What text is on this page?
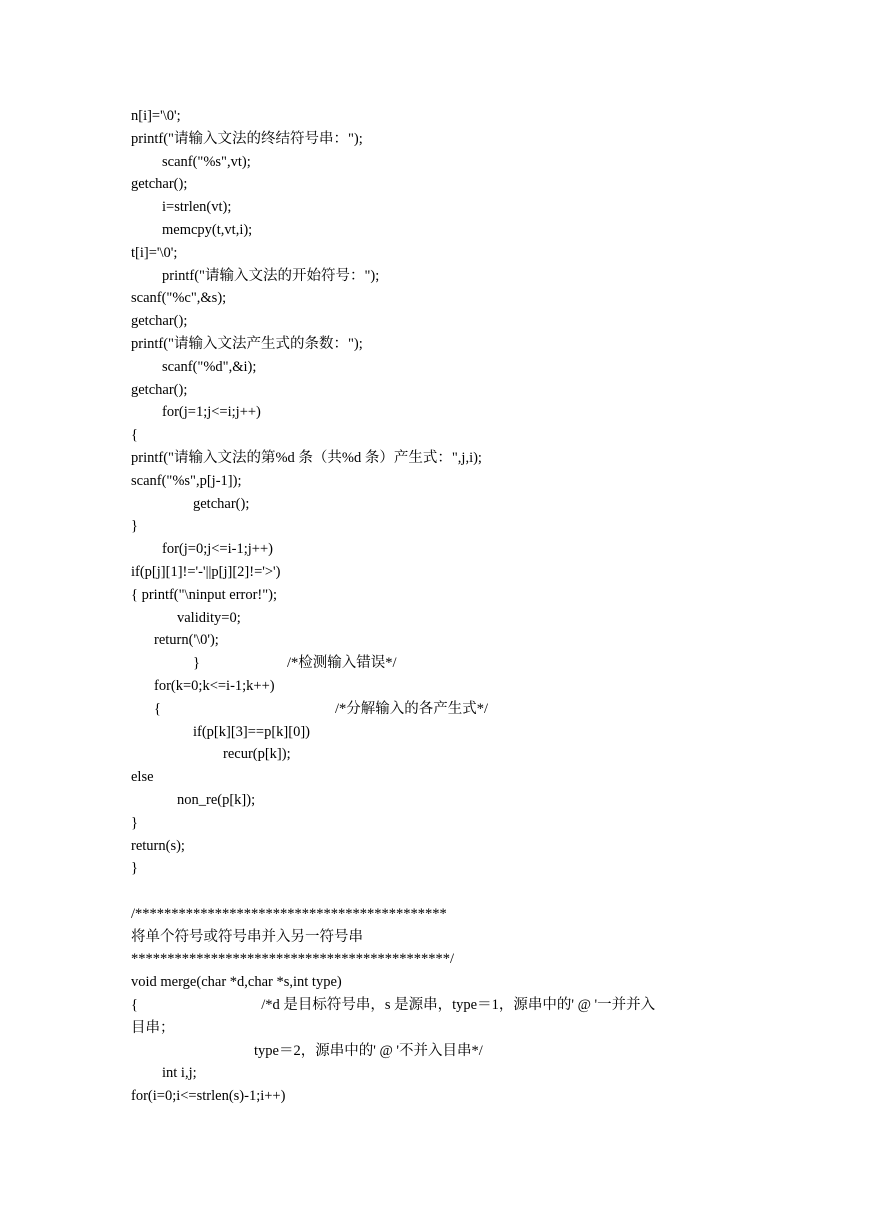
n[i]='\0';
printf("请输入文法的终结符号串：");
scanf("%s",vt);
getchar();
i=strlen(vt);
memcpy(t,vt,i);
t[i]='\0';
printf("请输入文法的开始符号：");
scanf("%c",&s);
getchar();
printf("请输入文法产生式的条数：");
scanf("%d",&i);
getchar();
for(j=1;j<=i;j++)
{
printf("请输入文法的第%d 条（共%d 条）产生式：",j,i);
scanf("%s",p[j-1]);
getchar();
}
for(j=0;j<=i-1;j++)
if(p[j][1]!='-'||p[j][2]!='>')
{ printf("\ninput error!");
validity=0;
return('\0');
}                        /*检测输入错误*/
for(k=0;k<=i-1;k++)
{                                                /*分解输入的各产生式*/
if(p[k][3]==p[k][0])
recur(p[k]);
else
non_re(p[k]);
}
return(s);
}
/*******************************************
将单个符号或符号串并入另一符号串
********************************************/
void merge(char *d,char *s,int type)
{                                  /*d 是目标符号串，s 是源串，type＝1，源串中的' @ '一并并入
目串；
type＝2，源串中的' @ '不并入目串*/
int i,j;
for(i=0;i<=strlen(s)-1;i++)
